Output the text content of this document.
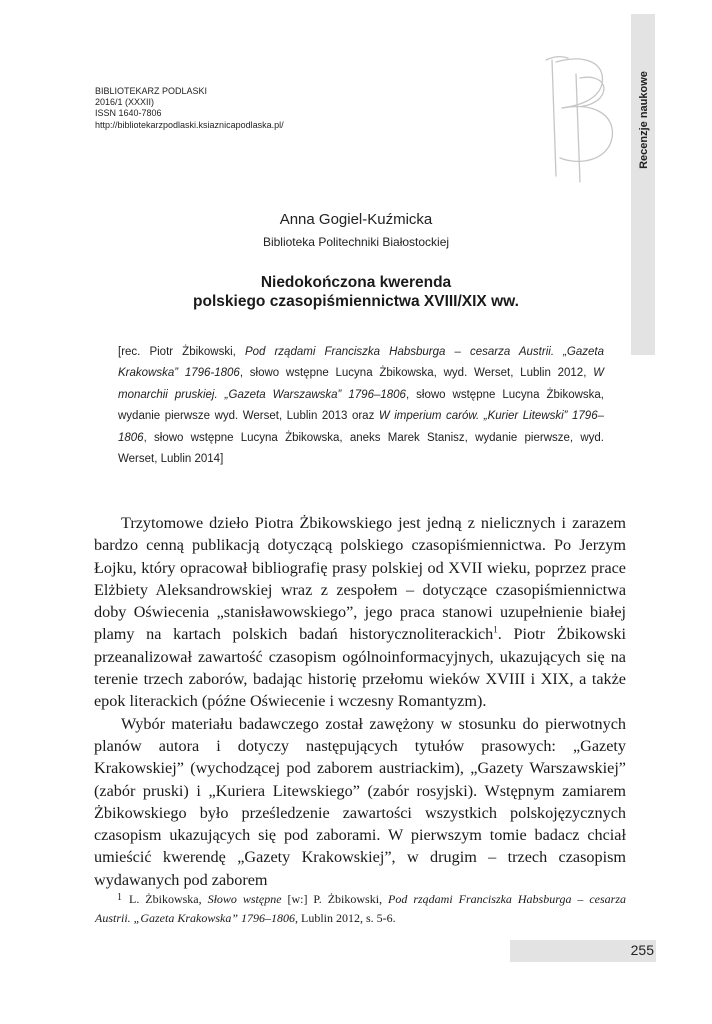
Recenzje naukowe
BIBLIOTEKARZ PODLASKI
2016/1 (XXXII)
ISSN 1640-7806
http://bibliotekarzpodlaski.ksiaznicapodlaska.pl/
Anna Gogiel-Kuźmicka
Biblioteka Politechniki Białostockiej
Niedokończona kwerenda
polskiego czasopiśmiennictwa XVIII/XIX ww.
[rec. Piotr Żbikowski, Pod rządami Franciszka Habsburga – cesarza Austrii. „Gazeta Krakowska” 1796-1806, słowo wstępne Lucyna Żbikowska, wyd. Werset, Lublin 2012, W monarchii pruskiej. „Gazeta Warszawska” 1796–1806, słowo wstępne Lucyna Żbikowska, wydanie pierwsze wyd. Werset, Lublin 2013 oraz W imperium carów. „Kurier Litewski” 1796–1806, słowo wstępne Lucyna Żbikowska, aneks Marek Stanisz, wydanie pierwsze, wyd. Werset, Lublin 2014]

Trzytomowe dzieło Piotra Żbikowskiego jest jedną z nielicznych i zarazem bardzo cenną publikacją dotyczącą polskiego czasopiśmiennictwa. Po Jerzym Łojku, który opracował bibliografię prasy polskiej od XVII wieku, poprzez prace Elżbiety Aleksandrowskiej wraz z zespołem – dotyczące czasopiśmiennictwa doby Oświecenia „stanisławowskiego”, jego praca stanowi uzupełnienie białej plamy na kartach polskich badań historycznoliterackich$^1$. Piotr Żbikowski przeanalizował zawartość czasopism ogólnoinformacyjnych, ukazujących się na terenie trzech zaborów, badając historię przełomu wieków XVIII i XIX, a także epok literackich (późne Oświecenie i wczesny Romantyzm).

Wybór materiału badawczego został zawężony w stosunku do pierwotnych planów autora i dotyczy następujących tytułów prasowych: „Gazety Krakowskiej” (wychodzącej pod zaborem austriackim), „Gazety Warszawskiej” (zabór pruski) i „Kuriera Litewskiego” (zabór rosyjski). Wstępnym zamiarem Żbikowskiego było prześledzenie zawartości wszystkich polskojęzycznych czasopism ukazujących się pod zaborami. W pierwszym tomie badacz chciał umieścić kwerendę „Gazety Krakowskiej”, w drugim – trzech czasopism wydawanych pod zaborem

1 L. Żbikowska, Słowo wstępne [w:] P. Żbikowski, Pod rządami Franciszka Habsburga – cesarza Austrii. „Gazeta Krakowska” 1796–1806, Lublin 2012, s. 5-6.
255
